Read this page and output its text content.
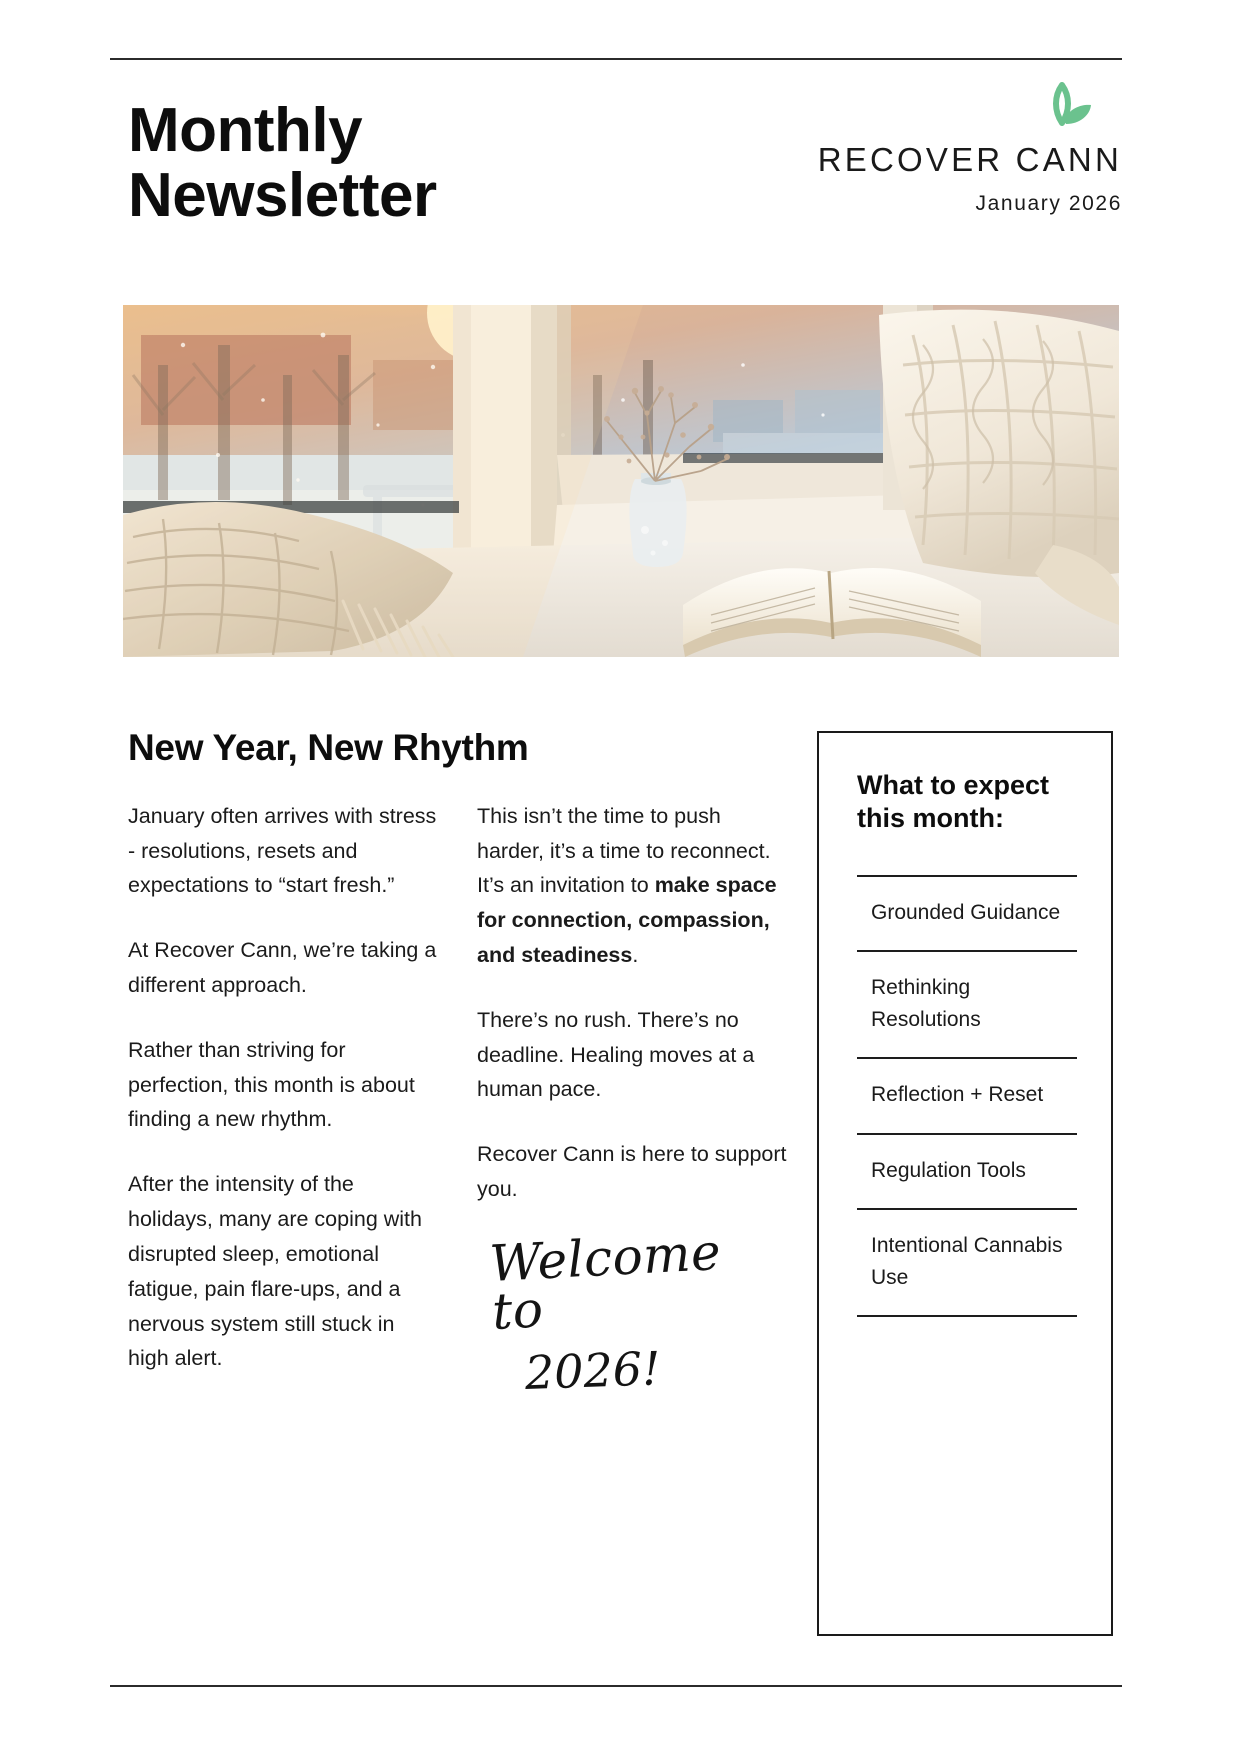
Monthly
Newsletter
RECOVER CANN
January 2026
New Year, New Rhythm

January often arrives with stress - resolutions, resets and expectations to “start fresh.”

At Recover Cann, we’re taking a different approach.

Rather than striving for perfection, this month is about finding a new rhythm.

After the intensity of the holidays, many are coping with disrupted sleep, emotional fatigue, pain flare-ups, and a nervous system still stuck in high alert.

This isn’t the time to push harder, it’s a time to reconnect. It’s an invitation to make space for connection, compassion, and steadiness.

There’s no rush. There’s no deadline. Healing moves at a human pace.

Recover Cann is here to support you.

Welcome to
2026!
What to expect this month:
Grounded Guidance
Rethinking Resolutions
Reflection + Reset
Regulation Tools
Intentional Cannabis Use
